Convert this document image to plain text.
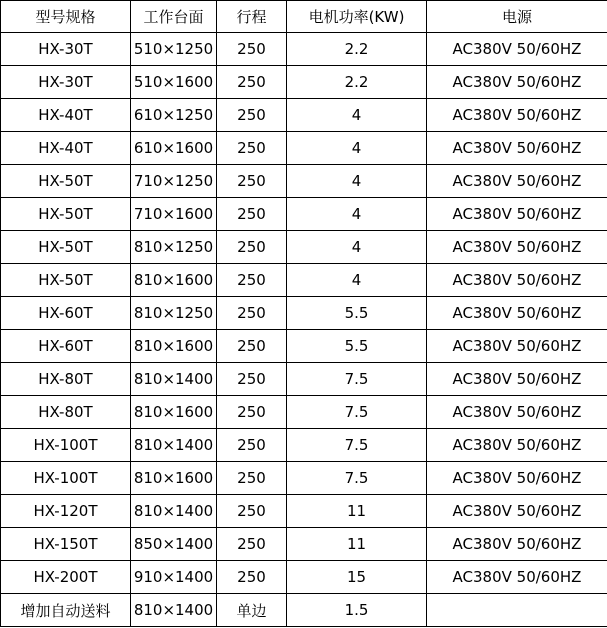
型号规格	工作台面	行程	电机功率(KW)	电源
HX-30T	510×1250	250	2.2	AC380V 50/60HZ
HX-30T	510×1600	250	2.2	AC380V 50/60HZ
HX-40T	610×1250	250	4	AC380V 50/60HZ
HX-40T	610×1600	250	4	AC380V 50/60HZ
HX-50T	710×1250	250	4	AC380V 50/60HZ
HX-50T	710×1600	250	4	AC380V 50/60HZ
HX-50T	810×1250	250	4	AC380V 50/60HZ
HX-50T	810×1600	250	4	AC380V 50/60HZ
HX-60T	810×1250	250	5.5	AC380V 50/60HZ
HX-60T	810×1600	250	5.5	AC380V 50/60HZ
HX-80T	810×1400	250	7.5	AC380V 50/60HZ
HX-80T	810×1600	250	7.5	AC380V 50/60HZ
HX-100T	810×1400	250	7.5	AC380V 50/60HZ
HX-100T	810×1600	250	7.5	AC380V 50/60HZ
HX-120T	810×1400	250	11	AC380V 50/60HZ
HX-150T	850×1400	250	11	AC380V 50/60HZ
HX-200T	910×1400	250	15	AC380V 50/60HZ
增加自动送料	810×1400	单边	1.5	
